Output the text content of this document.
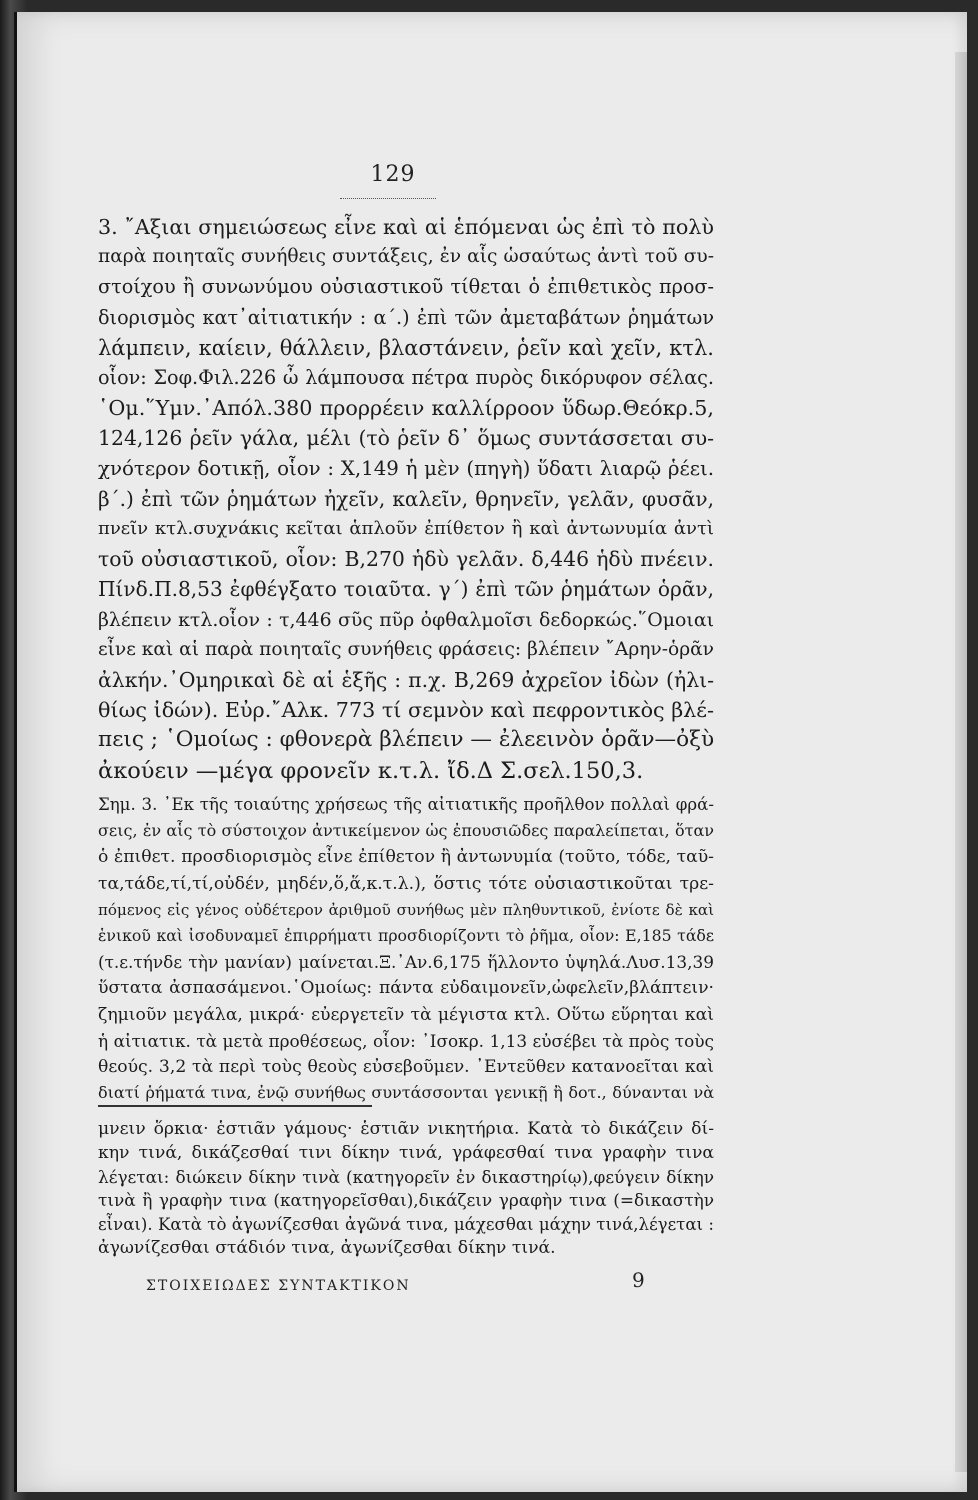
129
3. ῎Αξιαι σημειώσεως εἶνε καὶ αἱ ἑπόμεναι ὡς ἐπὶ τὸ πολὺ
παρὰ ποιηταῖς συνήθεις συντάξεις, ἐν αἷς ὡσαύτως ἀντὶ τοῦ συ-
στοίχου ἢ συνωνύμου οὐσιαστικοῦ τίθεται ὁ ἐπιθετικὸς προσ-
διορισμὸς κατ᾽αἰτιατικήν : α΄.) ἐπὶ τῶν ἀμεταβάτων ῥημάτων
λάμπειν, καίειν, θάλλειν, βλαστάνειν, ῥεῖν καὶ χεῖν, κτλ.
οἷον: Σοφ.Φιλ.226 ὦ λάμπουσα πέτρα πυρὸς δικόρυφον σέλας.
῾Ομ.῞Υμν.᾽Απόλ.380 προρρέειν καλλίρροον ὕδωρ.Θεόκρ.5,
124,126 ῥεῖν γάλα, μέλι (τὸ ῥεῖν δ᾽ ὅμως συντάσσεται συ-
χνότερον δοτικῇ, οἷον : Χ,149 ἡ μὲν (πηγὴ) ὕδατι λιαρῷ ῥέει.
β΄.) ἐπὶ τῶν ῥημάτων ἠχεῖν, καλεῖν, θρηνεῖν, γελᾶν, φυσᾶν,
πνεῖν κτλ.συχνάκις κεῖται ἁπλοῦν ἐπίθετον ἢ καὶ ἀντωνυμία ἀντὶ
τοῦ οὐσιαστικοῦ, οἷον: Β,270 ἡδὺ γελᾶν. δ,446 ἡδὺ πνέειν.
Πίνδ.Π.8,53 ἐφθέγξατο τοιαῦτα. γ΄) ἐπὶ τῶν ῥημάτων ὁρᾶν,
βλέπειν κτλ.οἷον : τ,446 σῦς πῦρ ὀφθαλμοῖσι δεδορκώς.῞Ομοιαι
εἶνε καὶ αἱ παρὰ ποιηταῖς συνήθεις φράσεις: βλέπειν ῎Αρην-ὁρᾶν
ἀλκήν.᾽Ομηρικαὶ δὲ αἱ ἑξῆς : π.χ. Β,269 ἀχρεῖον ἰδὼν (ἠλι-
θίως ἰδών). Εὐρ.῎Αλκ. 773 τί σεμνὸν καὶ πεφροντικὸς βλέ-
πεις ; ῾Ομοίως : φθονερὰ βλέπειν — ἐλεεινὸν ὁρᾶν—ὀξὺ
ἀκούειν —μέγα φρονεῖν κ.τ.λ. ἴδ.Δ Σ.σελ.150,3.
Σημ. 3. ᾽Εκ τῆς τοιαύτης χρήσεως τῆς αἰτιατικῆς προῆλθον πολλαὶ φρά-
σεις, ἐν αἷς τὸ σύστοιχον ἀντικείμενον ὡς ἐπουσιῶδες παραλείπεται, ὅταν
ὁ ἐπιθετ. προσδιορισμὸς εἶνε ἐπίθετον ἢ ἀντωνυμία (τοῦτο, τόδε, ταῦ-
τα,τάδε,τί,τί,οὐδέν, μηδέν,ὅ,ἅ,κ.τ.λ.), ὅστις τότε οὐσιαστικοῦται τρε-
πόμενος εἰς γένος οὐδέτερον ἀριθμοῦ συνήθως μὲν πληθυντικοῦ, ἐνίοτε δὲ καὶ
ἑνικοῦ καὶ ἰσοδυναμεῖ ἐπιρρήματι προσδιορίζοντι τὸ ῥῆμα, οἷον: Ε,185 τάδε
(τ.ε.τήνδε τὴν μανίαν) μαίνεται.Ξ.᾽Αν.6,175 ἥλλοντο ὑψηλά.Λυσ.13,39
ὕστατα ἀσπασάμενοι.῾Ομοίως: πάντα εὐδαιμονεῖν,ὠφελεῖν,βλάπτειν·
ζημιοῦν μεγάλα, μικρά· εὐεργετεῖν τὰ μέγιστα κτλ. Οὕτω εὕρηται καὶ
ἡ αἰτιατικ. τὰ μετὰ προθέσεως, οἷον: ᾽Ισοκρ. 1,13 εὐσέβει τὰ πρὸς τοὺς
θεούς. 3,2 τὰ περὶ τοὺς θεοὺς εὐσεβοῦμεν. ᾽Εντεῦθεν κατανοεῖται καὶ
διατί ῥήματά τινα, ἐνῷ συνήθως συντάσσονται γενικῇ ἢ δοτ., δύνανται νὰ
μνειν ὅρκια· ἑστιᾶν γάμους· ἑστιᾶν νικητήρια. Κατὰ τὸ δικάζειν δί-
κην τινά, δικάζεσθαί τινι δίκην τινά, γράφεσθαί τινα γραφὴν τινα
λέγεται: διώκειν δίκην τινὰ (κατηγορεῖν ἐν δικαστηρίῳ),φεύγειν δίκην
τινὰ ἢ γραφὴν τινα (κατηγορεῖσθαι),δικάζειν γραφὴν τινα (=δικαστὴν
εἶναι). Κατὰ τὸ ἀγωνίζεσθαι ἀγῶνά τινα, μάχεσθαι μάχην τινά,λέγεται :
ἀγωνίζεσθαι στάδιόν τινα, ἀγωνίζεσθαι δίκην τινά.
ΣΤΟΙΧΕΙΩΔΕΣ ΣΥΝΤΑΚΤΙΚΟΝ	9
